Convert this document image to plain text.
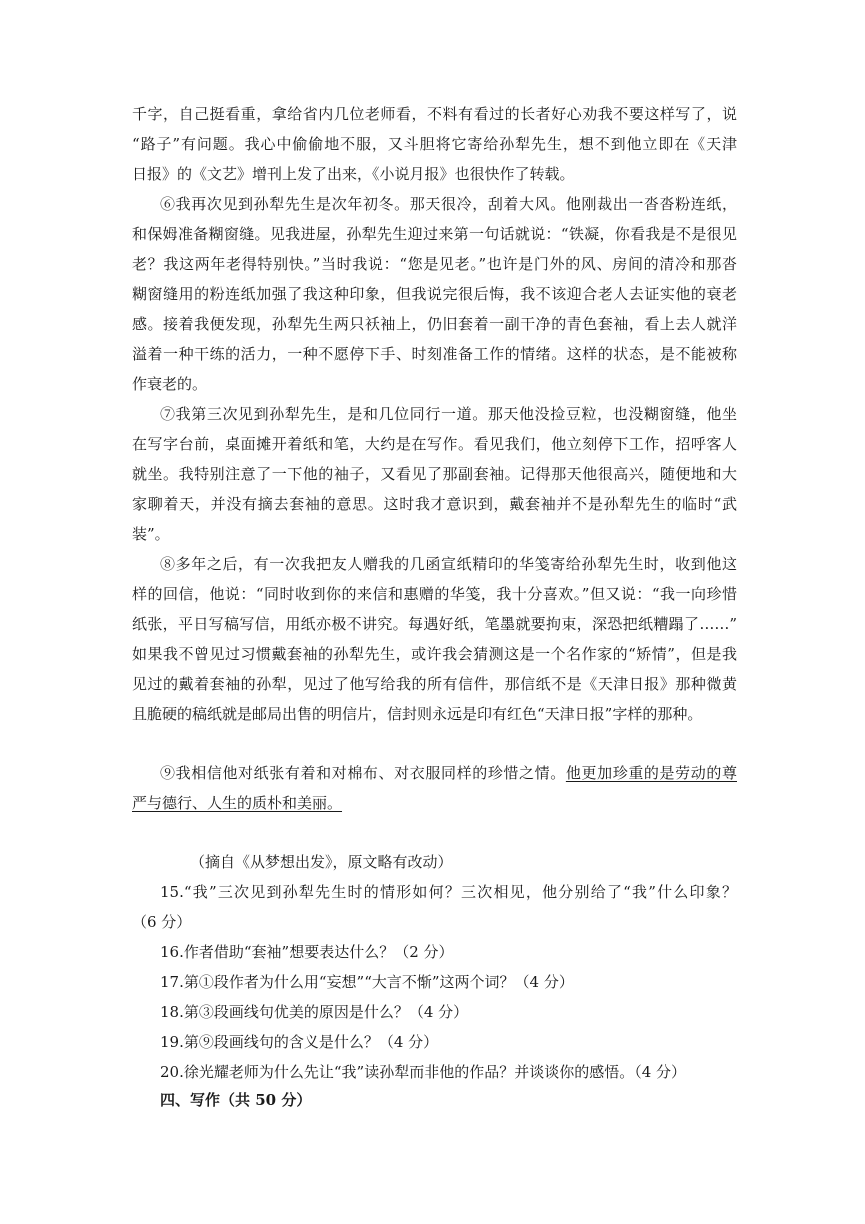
千字，自己挺看重，拿给省内几位老师看，不料有看过的长者好心劝我不要这样写了，说
“路子”有问题。我心中偷偷地不服，又斗胆将它寄给孙犁先生，想不到他立即在《天津
日报》的《文艺》增刊上发了出来，《小说月报》也很快作了转载。
⑥我再次见到孙犁先生是次年初冬。那天很冷，刮着大风。他刚裁出一沓沓粉连纸，
和保姆准备糊窗缝。见我进屋，孙犁先生迎过来第一句话就说：“铁凝，你看我是不是很见
老？我这两年老得特别快。”当时我说：“您是见老。”也许是门外的风、房间的清冷和那沓
糊窗缝用的粉连纸加强了我这种印象，但我说完很后悔，我不该迎合老人去证实他的衰老
感。接着我便发现，孙犁先生两只袄袖上，仍旧套着一副干净的青色套袖，看上去人就洋
溢着一种干练的活力，一种不愿停下手、时刻准备工作的情绪。这样的状态，是不能被称
作衰老的。
⑦我第三次见到孙犁先生，是和几位同行一道。那天他没捡豆粒，也没糊窗缝，他坐
在写字台前，桌面摊开着纸和笔，大约是在写作。看见我们，他立刻停下工作，招呼客人
就坐。我特别注意了一下他的袖子，又看见了那副套袖。记得那天他很高兴，随便地和大
家聊着天，并没有摘去套袖的意思。这时我才意识到，戴套袖并不是孙犁先生的临时“武
装”。
⑧多年之后，有一次我把友人赠我的几函宣纸精印的华笺寄给孙犁先生时，收到他这
样的回信，他说：“同时收到你的来信和惠赠的华笺，我十分喜欢。”但又说：“我一向珍惜
纸张，平日写稿写信，用纸亦极不讲究。每遇好纸，笔墨就要拘束，深恐把纸糟蹋了……”
如果我不曾见过习惯戴套袖的孙犁先生，或许我会猜测这是一个名作家的“矫情”，但是我
见过的戴着套袖的孙犁，见过了他写给我的所有信件，那信纸不是《天津日报》那种微黄
且脆硬的稿纸就是邮局出售的明信片，信封则永远是印有红色“天津日报”字样的那种。
⑨我相信他对纸张有着和对棉布、对衣服同样的珍惜之情。他更加珍重的是劳动的尊
严与德行、人生的质朴和美丽。
（摘自《从梦想出发》，原文略有改动）
15.“我”三次见到孙犁先生时的情形如何？三次相见，他分别给了“我”什么印象？
（6 分）
16.作者借助“套袖”想要表达什么？（2 分）
17.第①段作者为什么用“妄想”“大言不惭”这两个词？（4 分）
18.第③段画线句优美的原因是什么？（4 分）
19.第⑨段画线句的含义是什么？（4 分）
20.徐光耀老师为什么先让“我”读孙犁而非他的作品？并谈谈你的感悟。（4 分）
四、写作（共 50 分）
